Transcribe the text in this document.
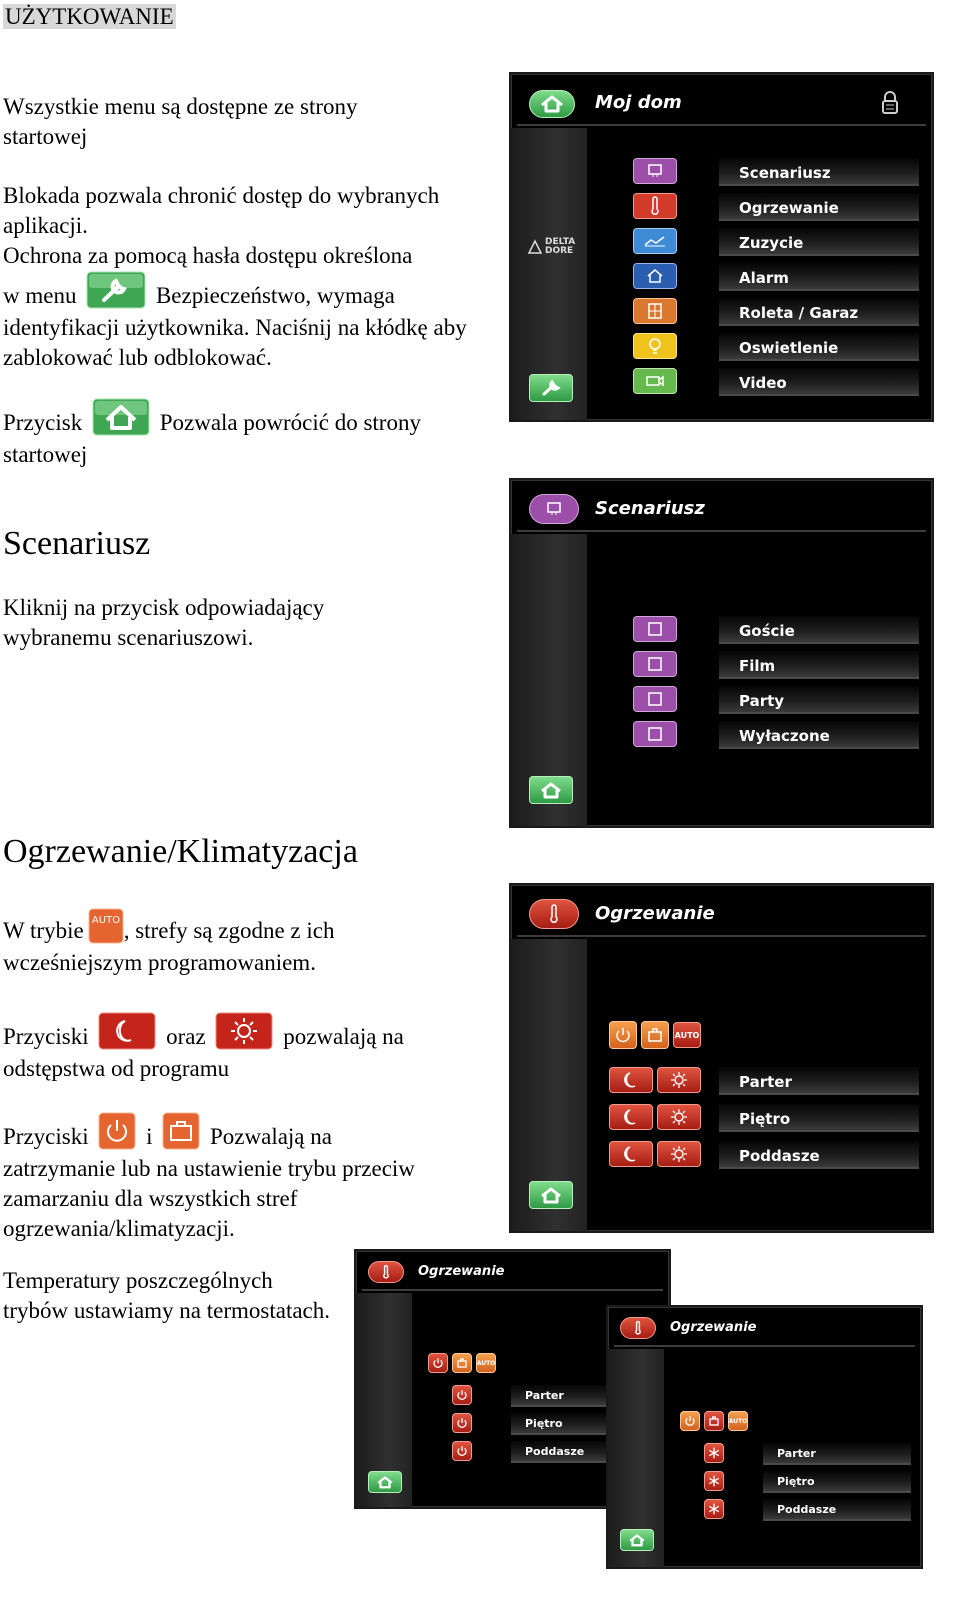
UŻYTKOWANIE
Wszystkie menu są dostępne ze strony startowej
Blokada pozwala chronić dostęp do wybranych aplikacji.
Ochrona za pomocą hasła dostępu określona
w menu	Bezpieczeństwo, wymaga
identyfikacji użytkownika. Naciśnij na kłódkę aby zablokować lub odblokować.
Przycisk	Pozwala powrócić do strony
startowej
Scenariusz
Kliknij na przycisk odpowiadający wybranemu scenariuszowi.
Ogrzewanie/Klimatyzacja
W trybie AUTO , strefy są zgodne z ich
wcześniejszym programowaniem.
Przyciski	oraz	pozwalają na
odstępstwa od programu
Przyciski	i	Pozwalają na
zatrzymanie lub na ustawienie trybu przeciw zamarzaniu dla wszystkich stref ogrzewania/klimatyzacji.
Temperatury poszczególnych trybów ustawiamy na termostatach.
Moj dom
DELTA
DORE
Scenariusz
Ogrzewanie
Zuzycie
Alarm
Roleta / Garaz
Oswietlenie
Video
Scenariusz
Goście
Film
Party
Wyłaczone
Ogrzewanie
AUTO
Parter
Piętro
Poddasze
Ogrzewanie
AUTO
Parter
Piętro
Poddasze
Ogrzewanie
AUTO
Parter
Piętro
Poddasze
